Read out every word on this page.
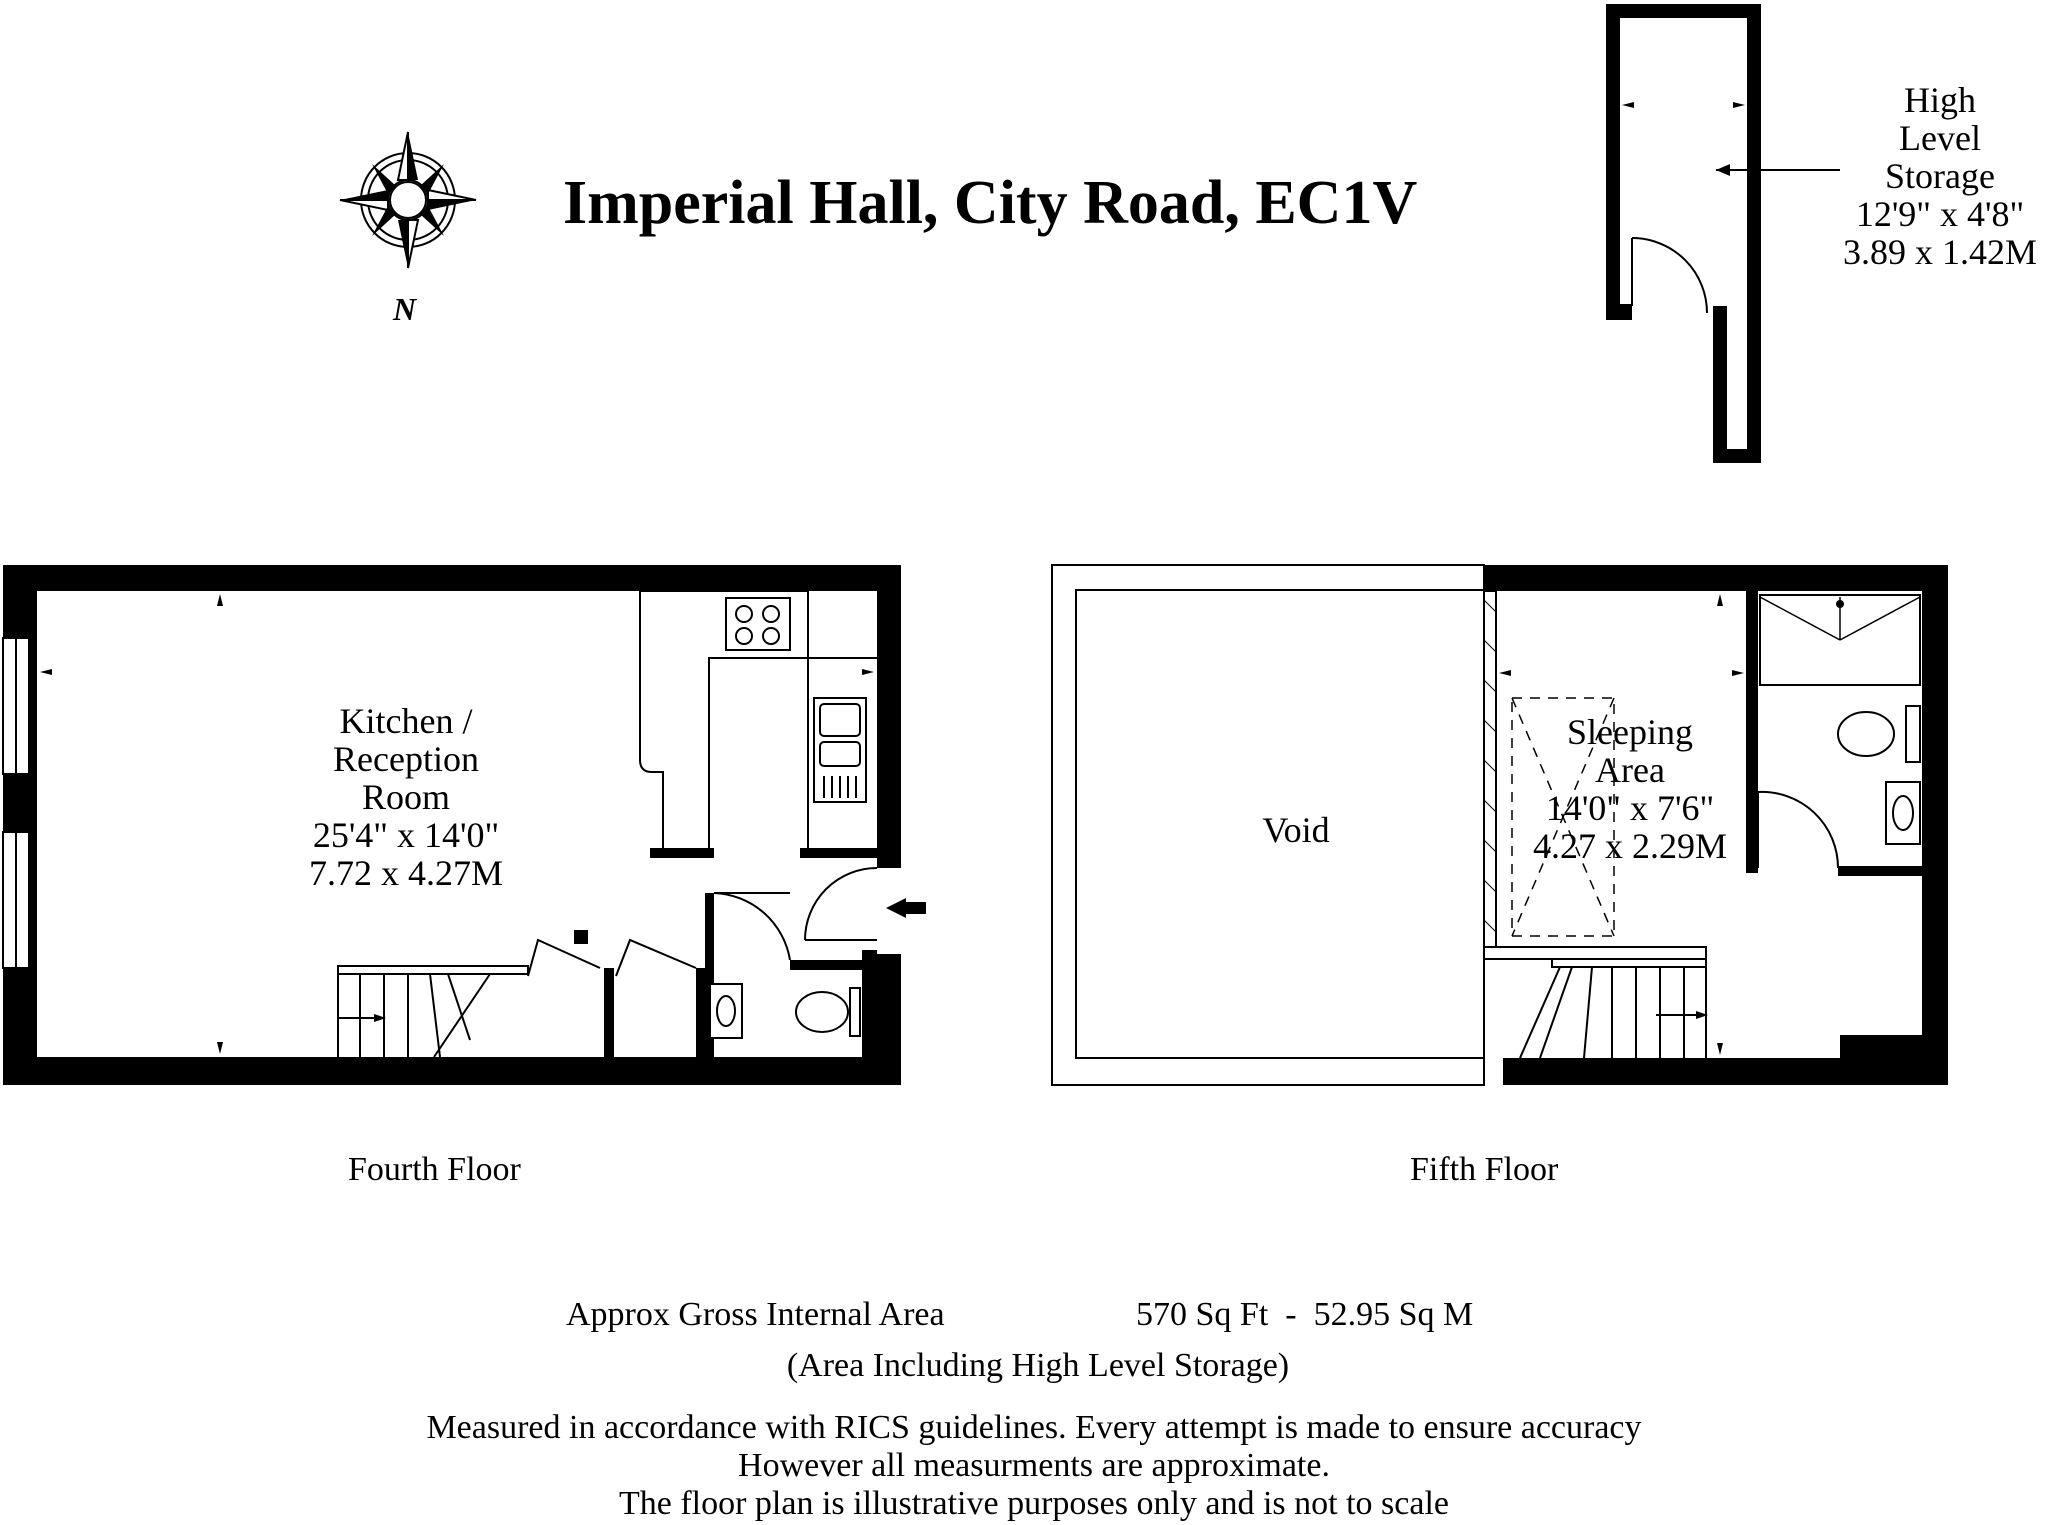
N
Imperial Hall, City Road, EC1V
High
Level
Storage
12'9" x 4'8"
3.89 x 1.42M
Kitchen /
Reception
Room
25'4" x 14'0"
7.72 x 4.27M
Fourth Floor
Void
Sleeping
Area
14'0" x 7'6"
4.27 x 2.29M
Fifth Floor
Approx Gross Internal Area	570 Sq Ft  -  52.95 Sq M
(Area Including High Level Storage)
Measured in accordance with RICS guidelines. Every attempt is made to ensure accuracy
However all measurments are approximate.
The floor plan is illustrative purposes only and is not to scale
